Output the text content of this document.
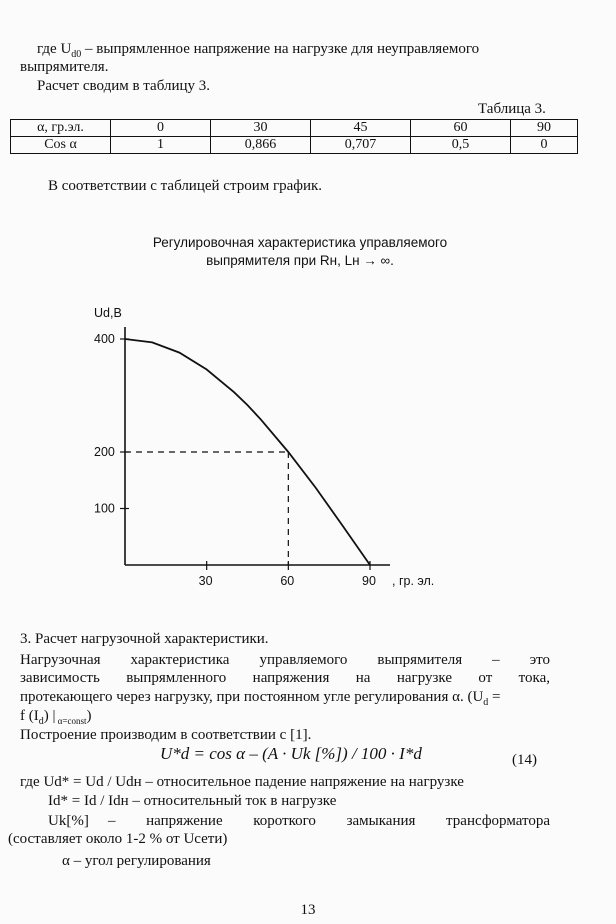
где $U_{d0}$ – выпрямленное напряжение на нагрузке для неуправляемого
выпрямителя.
Расчет сводим в таблицу 3.
Таблица 3.
α, гр.эл.	0	30	45	60	90
Cos α	1	0,866	0,707	0,5	0
В соответствии с таблицей строим график.
Регулировочная характеристика управляемого
выпрямителя при Rн, Lн → ∞.
Ud,B
, гр. эл.
100
200
400
30	60	90
3. Расчет нагрузочной характеристики.
Нагрузочная характеристика управляемого выпрямителя – это
зависимость выпрямленного напряжения на нагрузке от тока,
протекающего через нагрузку, при постоянном угле регулирования α. ($U_d$ =
f $(I_d)$ | $_{\alpha=const}$)
Построение производим в соответствии с [1].
U*d = cos α – (A · Uk [%]) / 100 · I*d	(14)
где Ud* = Ud / Udн – относительное падение напряжение на нагрузке
Id* = Id / Idн – относительный ток в нагрузке
Uk[%] – напряжение короткого замыкания трансформатора
(составляет около 1-2 % от Uсети)
α – угол регулирования
13
